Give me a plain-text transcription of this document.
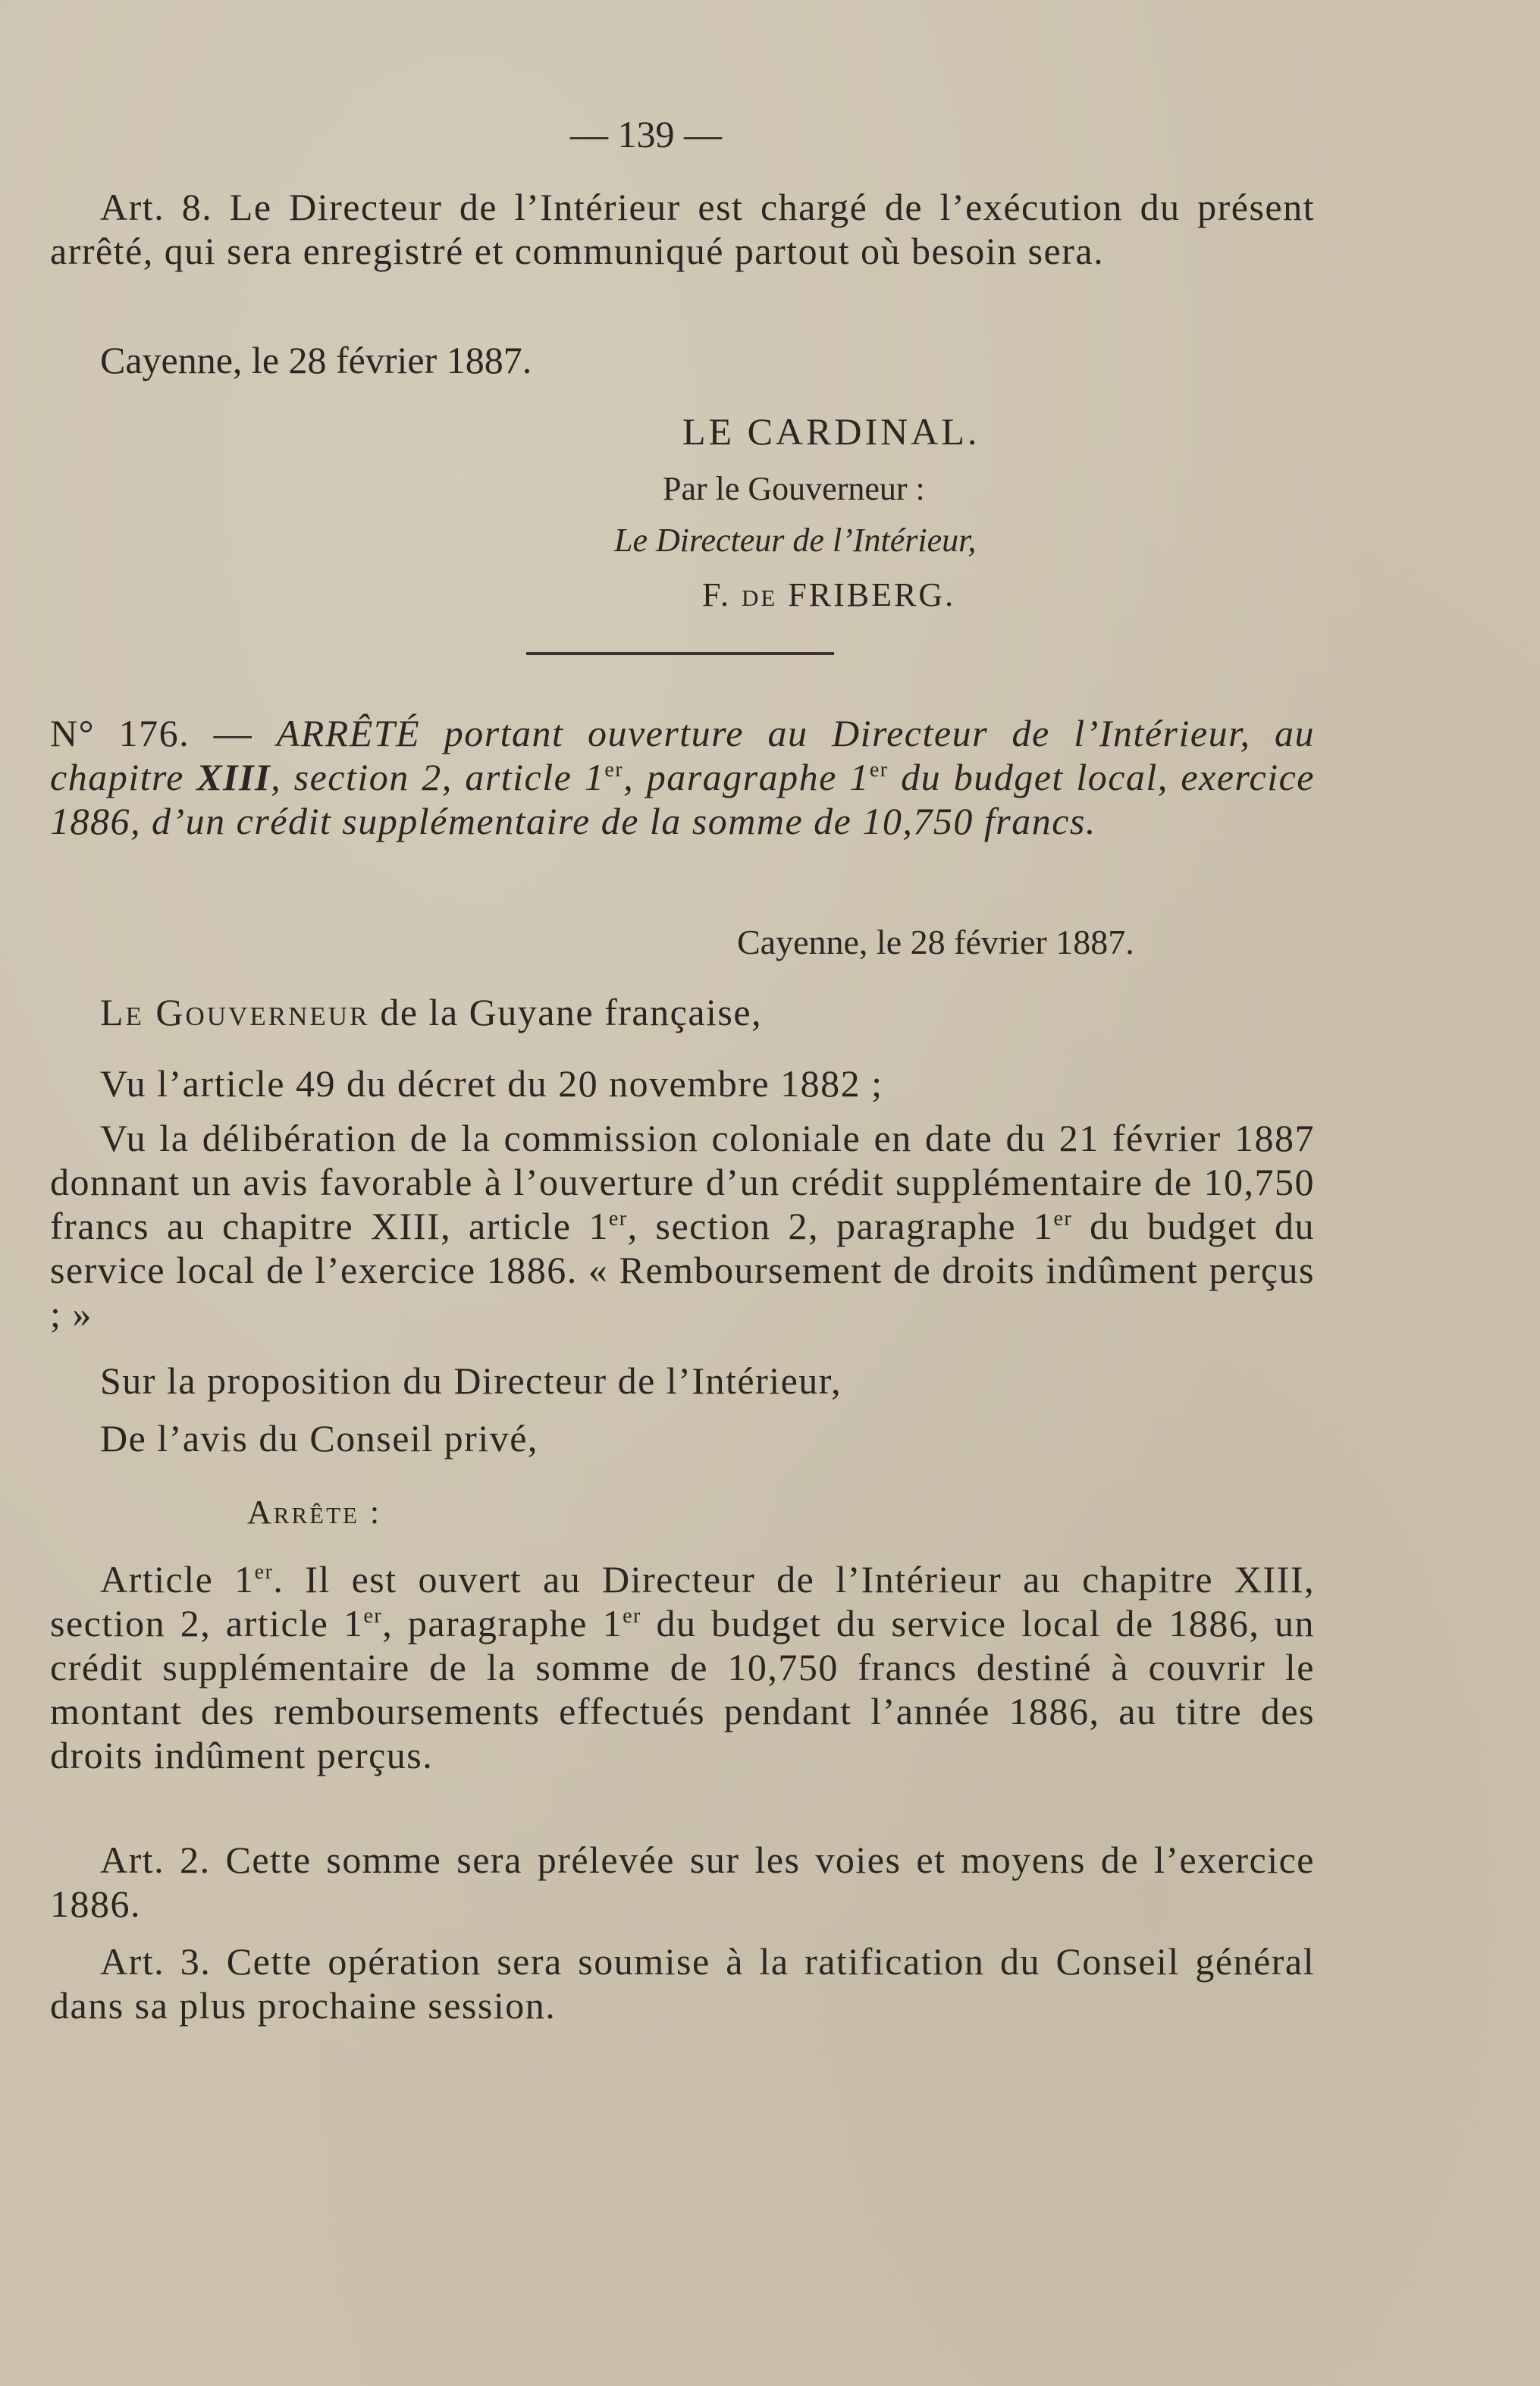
— 139 —

Art. 8. Le Directeur de l’Intérieur est chargé de l’exécution du présent arrêté, qui sera enregistré et communiqué partout où besoin sera.

Cayenne, le 28 février 1887.

LE CARDINAL.

Par le Gouverneur :

Le Directeur de l’Intérieur,

F. de FRIBERG.

N° 176. — ARRÊTÉ portant ouverture au Directeur de l’Intérieur, au chapitre XIII, section 2, article 1er, paragraphe 1er du budget local, exercice 1886, d’un crédit supplémentaire de la somme de 10,750 francs.

Cayenne, le 28 février 1887.

Le Gouverneur de la Guyane française,

Vu l’article 49 du décret du 20 novembre 1882 ;

Vu la délibération de la commission coloniale en date du 21 février 1887 donnant un avis favorable à l’ouverture d’un crédit supplémentaire de 10,750 francs au chapitre XIII, article 1er, section 2, paragraphe 1er du budget du service local de l’exercice 1886. « Remboursement de droits indûment perçus ; »

Sur la proposition du Directeur de l’Intérieur,

De l’avis du Conseil privé,

Arrête :

Article 1er. Il est ouvert au Directeur de l’Intérieur au chapitre XIII, section 2, article 1er, paragraphe 1er du budget du service local de 1886, un crédit supplémentaire de la somme de 10,750 francs destiné à couvrir le montant des remboursements effectués pendant l’année 1886, au titre des droits indûment perçus.

Art. 2. Cette somme sera prélevée sur les voies et moyens de l’exercice 1886.

Art. 3. Cette opération sera soumise à la ratification du Conseil général dans sa plus prochaine session.
